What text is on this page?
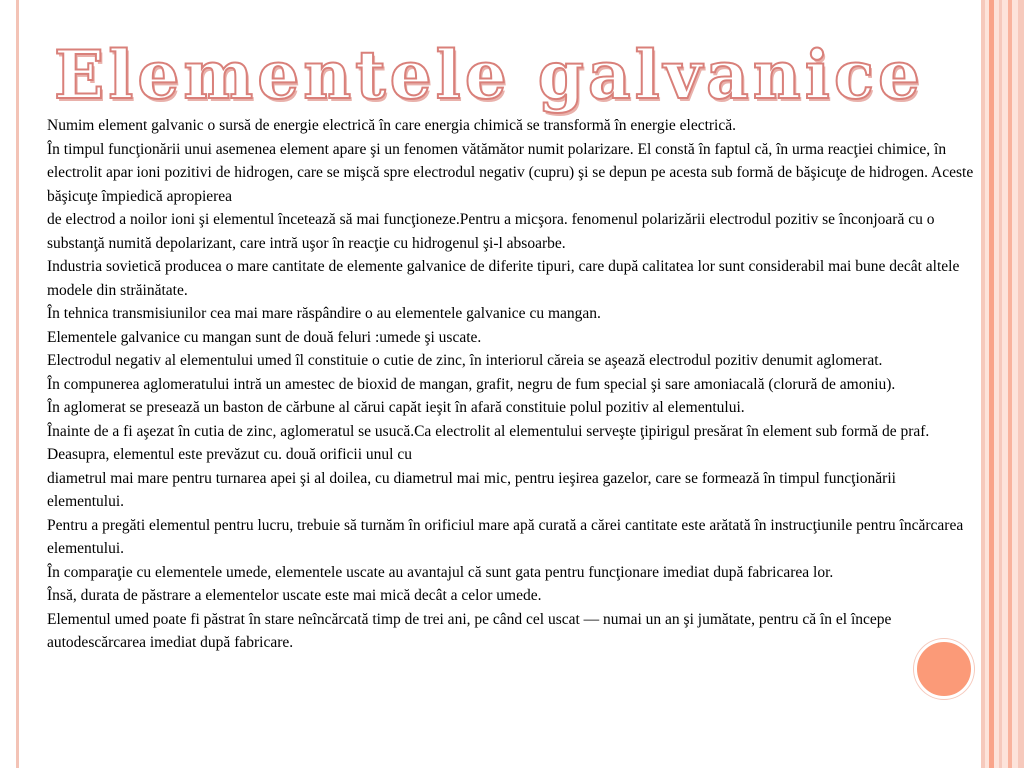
Elementele galvanice

Numim element galvanic o sursă de energie electrică în care energia chimică se transformă în energie electrică.

În timpul funcţionării unui asemenea element apare şi un fenomen vătămător numit polarizare. El constă în faptul că, în urma reacţiei chimice, în electrolit apar ioni pozitivi de hidrogen, care se mişcă spre electrodul negativ (cupru) şi se depun pe acesta sub formă de băşicuţe de hidrogen. Aceste băşicuţe împiedică apropierea

de electrod a noilor ioni şi elementul încetează să mai funcţioneze.Pentru a micşora. fenomenul polarizării electrodul pozitiv se înconjoară cu o substanţă numită depolarizant, care intră uşor în reacţie cu hidrogenul şi-l absoarbe.

Industria sovietică producea o mare cantitate de elemente galvanice de diferite tipuri, care după calitatea lor sunt considerabil mai bune decât altele modele din străinătate.

În tehnica transmisiunilor cea mai mare răspândire o au elementele galvanice cu mangan.

Elementele galvanice cu mangan sunt de două feluri :umede şi uscate.

Electrodul negativ al elementului umed îl constituie o cutie de zinc, în interiorul căreia se aşează electrodul pozitiv denumit aglomerat.

În compunerea aglomeratului intră un amestec de bioxid de mangan, grafit, negru de fum special şi sare amoniacală (clorură de amoniu).

În aglomerat se presează un baston de cărbune al cărui capăt ieşit în afară constituie polul pozitiv al elementului.

Înainte de a fi aşezat în cutia de zinc, aglomeratul se usucă.Ca electrolit al elementului serveşte ţipirigul presărat în element sub formă de praf. Deasupra, elementul este prevăzut cu. două orificii unul cu

diametrul mai mare pentru turnarea apei şi al doilea, cu diametrul mai mic, pentru ieşirea gazelor, care se formează în timpul funcţionării elementului.

Pentru a pregăti elementul pentru lucru, trebuie să turnăm în orificiul mare apă curată a cărei cantitate este arătată în instrucţiunile pentru încărcarea elementului.

În comparaţie cu elementele umede, elementele uscate au avantajul că sunt gata pentru funcţionare imediat după fabricarea lor.

Însă, durata de păstrare a elementelor uscate este mai mică decât a celor umede.

Elementul umed poate fi păstrat în stare neîncărcată timp de trei ani, pe când cel uscat — numai un an şi jumătate, pentru că în el începe autodescărcarea imediat după fabricare.
